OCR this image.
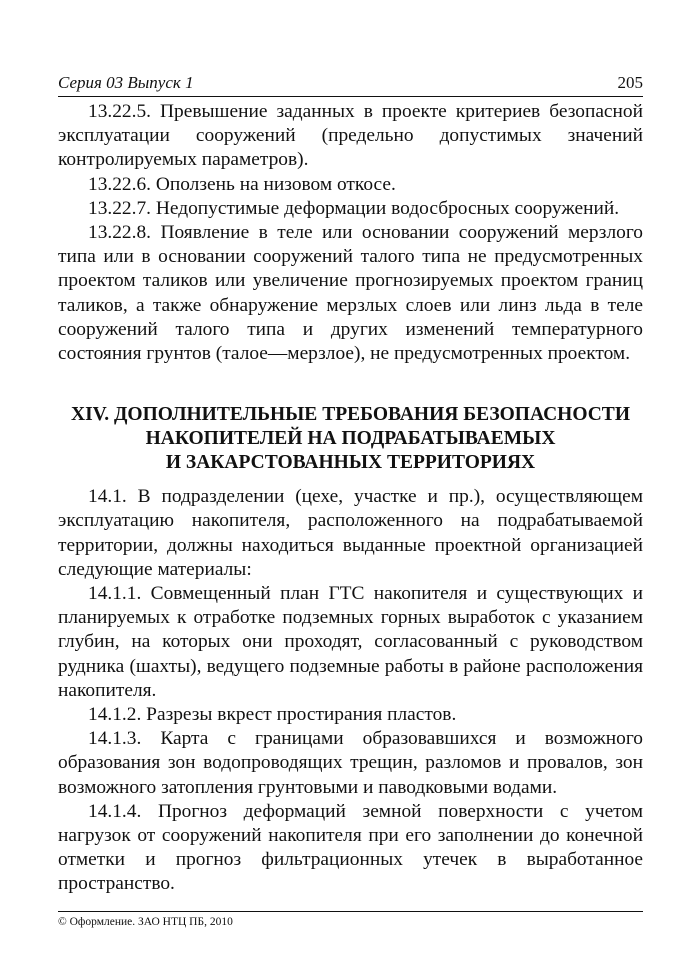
Серия 03 Выпуск 1	205

13.22.5. Превышение заданных в проекте критериев безопасной эксплуатации сооружений (предельно допустимых значений контролируемых параметров).

13.22.6. Оползень на низовом откосе.

13.22.7. Недопустимые деформации водосбросных сооружений.

13.22.8. Появление в теле или основании сооружений мерзлого типа или в основании сооружений талого типа не предусмотренных проектом таликов или увеличение прогнозируемых проектом границ таликов, а также обнаружение мерзлых слоев или линз льда в теле сооружений талого типа и других изменений температурного состояния грунтов (талое—мерзлое), не предусмотренных проектом.

XIV. ДОПОЛНИТЕЛЬНЫЕ ТРЕБОВАНИЯ БЕЗОПАСНОСТИ
НАКОПИТЕЛЕЙ НА ПОДРАБАТЫВАЕМЫХ
И ЗАКАРСТОВАННЫХ ТЕРРИТОРИЯХ

14.1. В подразделении (цехе, участке и пр.), осуществляющем эксплуатацию накопителя, расположенного на подрабатываемой территории, должны находиться выданные проектной организацией следующие материалы:

14.1.1. Совмещенный план ГТС накопителя и существующих и планируемых к отработке подземных горных выработок с указанием глубин, на которых они проходят, согласованный с руководством рудника (шахты), ведущего подземные работы в районе расположения накопителя.

14.1.2. Разрезы вкрест простирания пластов.

14.1.3. Карта с границами образовавшихся и возможного образования зон водопроводящих трещин, разломов и провалов, зон возможного затопления грунтовыми и паводковыми водами.

14.1.4. Прогноз деформаций земной поверхности с учетом нагрузок от сооружений накопителя при его заполнении до конечной отметки и прогноз фильтрационных утечек в выработанное пространство.

© Оформление. ЗАО НТЦ ПБ, 2010
